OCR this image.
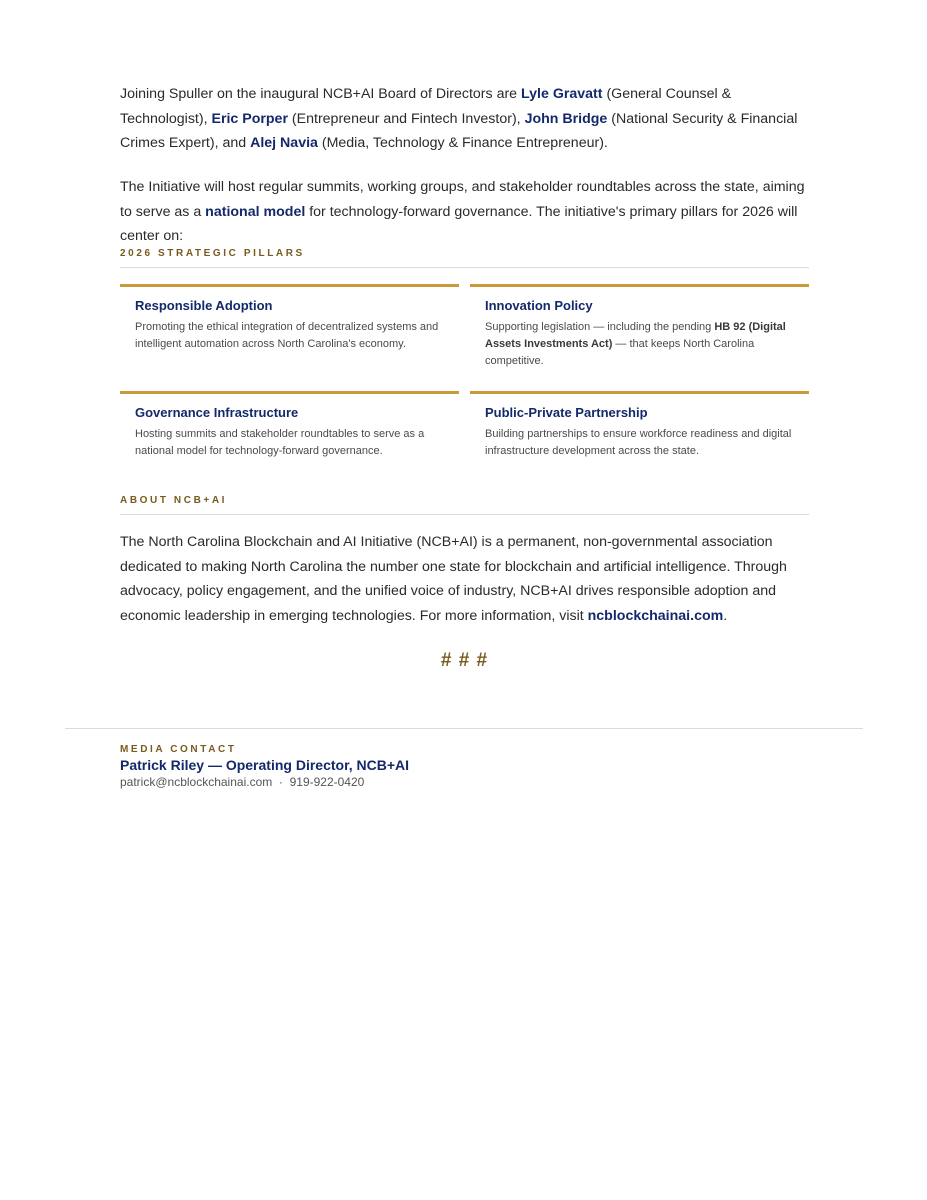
Joining Spuller on the inaugural NCB+AI Board of Directors are Lyle Gravatt (General Counsel & Technologist), Eric Porper (Entrepreneur and Fintech Investor), John Bridge (National Security & Financial Crimes Expert), and Alej Navia (Media, Technology & Finance Entrepreneur).

The Initiative will host regular summits, working groups, and stakeholder roundtables across the state, aiming to serve as a national model for technology-forward governance. The initiative's primary pillars for 2026 will center on:

2026 STRATEGIC PILLARS
Responsible Adoption

Promoting the ethical integration of decentralized systems and intelligent automation across North Carolina's economy.

Innovation Policy

Supporting legislation — including the pending HB 92 (Digital Assets Investments Act) — that keeps North Carolina competitive.

Governance Infrastructure

Hosting summits and stakeholder roundtables to serve as a national model for technology-forward governance.

Public-Private Partnership

Building partnerships to ensure workforce readiness and digital infrastructure development across the state.

ABOUT NCB+AI

The North Carolina Blockchain and AI Initiative (NCB+AI) is a permanent, non-governmental association dedicated to making North Carolina the number one state for blockchain and artificial intelligence. Through advocacy, policy engagement, and the unified voice of industry, NCB+AI drives responsible adoption and economic leadership in emerging technologies. For more information, visit ncblockchainai.com.

# # #
MEDIA CONTACT
Patrick Riley — Operating Director, NCB+AI
patrick@ncblockchainai.com · 919-922-0420
